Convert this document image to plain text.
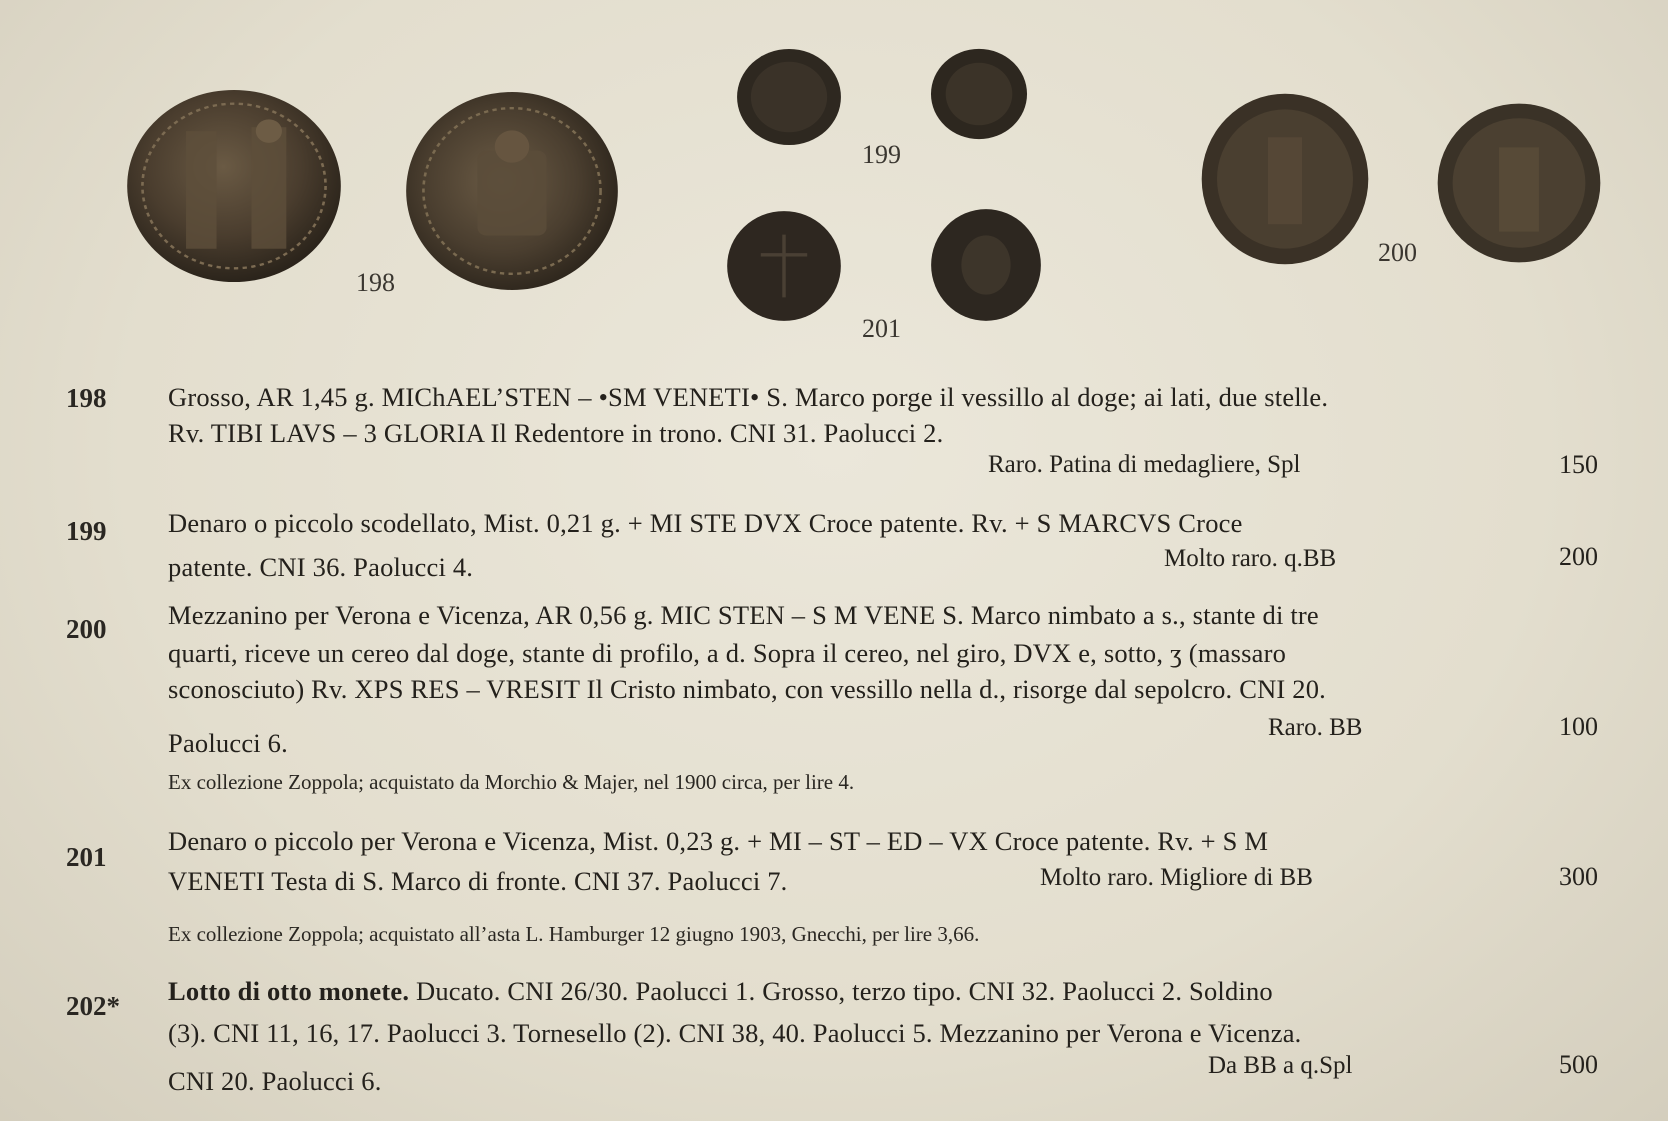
198
199
200
201
198 Grosso, AR 1,45 g. MIChAEL’STEN – •SM VENETI• S. Marco porge il vessillo al doge; ai lati, due stelle.
Rv. TIBI LAVS – 3 GLORIA Il Redentore in trono. CNI 31. Paolucci 2.
Raro. Patina di medagliere, Spl	150
199 Denaro o piccolo scodellato, Mist. 0,21 g. + MI STE DVX Croce patente. Rv. + S MARCVS Croce
patente. CNI 36. Paolucci 4.	Molto raro. q.BB	200
200 Mezzanino per Verona e Vicenza, AR 0,56 g. MIC STEN – S M VENE S. Marco nimbato a s., stante di tre
quarti, riceve un cereo dal doge, stante di profilo, a d. Sopra il cereo, nel giro, DVX e, sotto, ʒ (massaro
sconosciuto) Rv. XPS RES – VRESIT Il Cristo nimbato, con vessillo nella d., risorge dal sepolcro. CNI 20.
Paolucci 6.
Raro. BB	100
Ex collezione Zoppola; acquistato da Morchio & Majer, nel 1900 circa, per lire 4.
201
Denaro o piccolo per Verona e Vicenza, Mist. 0,23 g. + MI – ST – ED – VX Croce patente. Rv. + S M
VENETI Testa di S. Marco di fronte. CNI 37. Paolucci 7.	Molto raro. Migliore di BB	300
Ex collezione Zoppola; acquistato all’asta L. Hamburger 12 giugno 1903, Gnecchi, per lire 3,66.
202* Lotto di otto monete. Ducato. CNI 26/30. Paolucci 1. Grosso, terzo tipo. CNI 32. Paolucci 2. Soldino
(3). CNI 11, 16, 17. Paolucci 3. Tornesello (2). CNI 38, 40. Paolucci 5. Mezzanino per Verona e Vicenza.
CNI 20. Paolucci 6.
Da BB a q.Spl	500
